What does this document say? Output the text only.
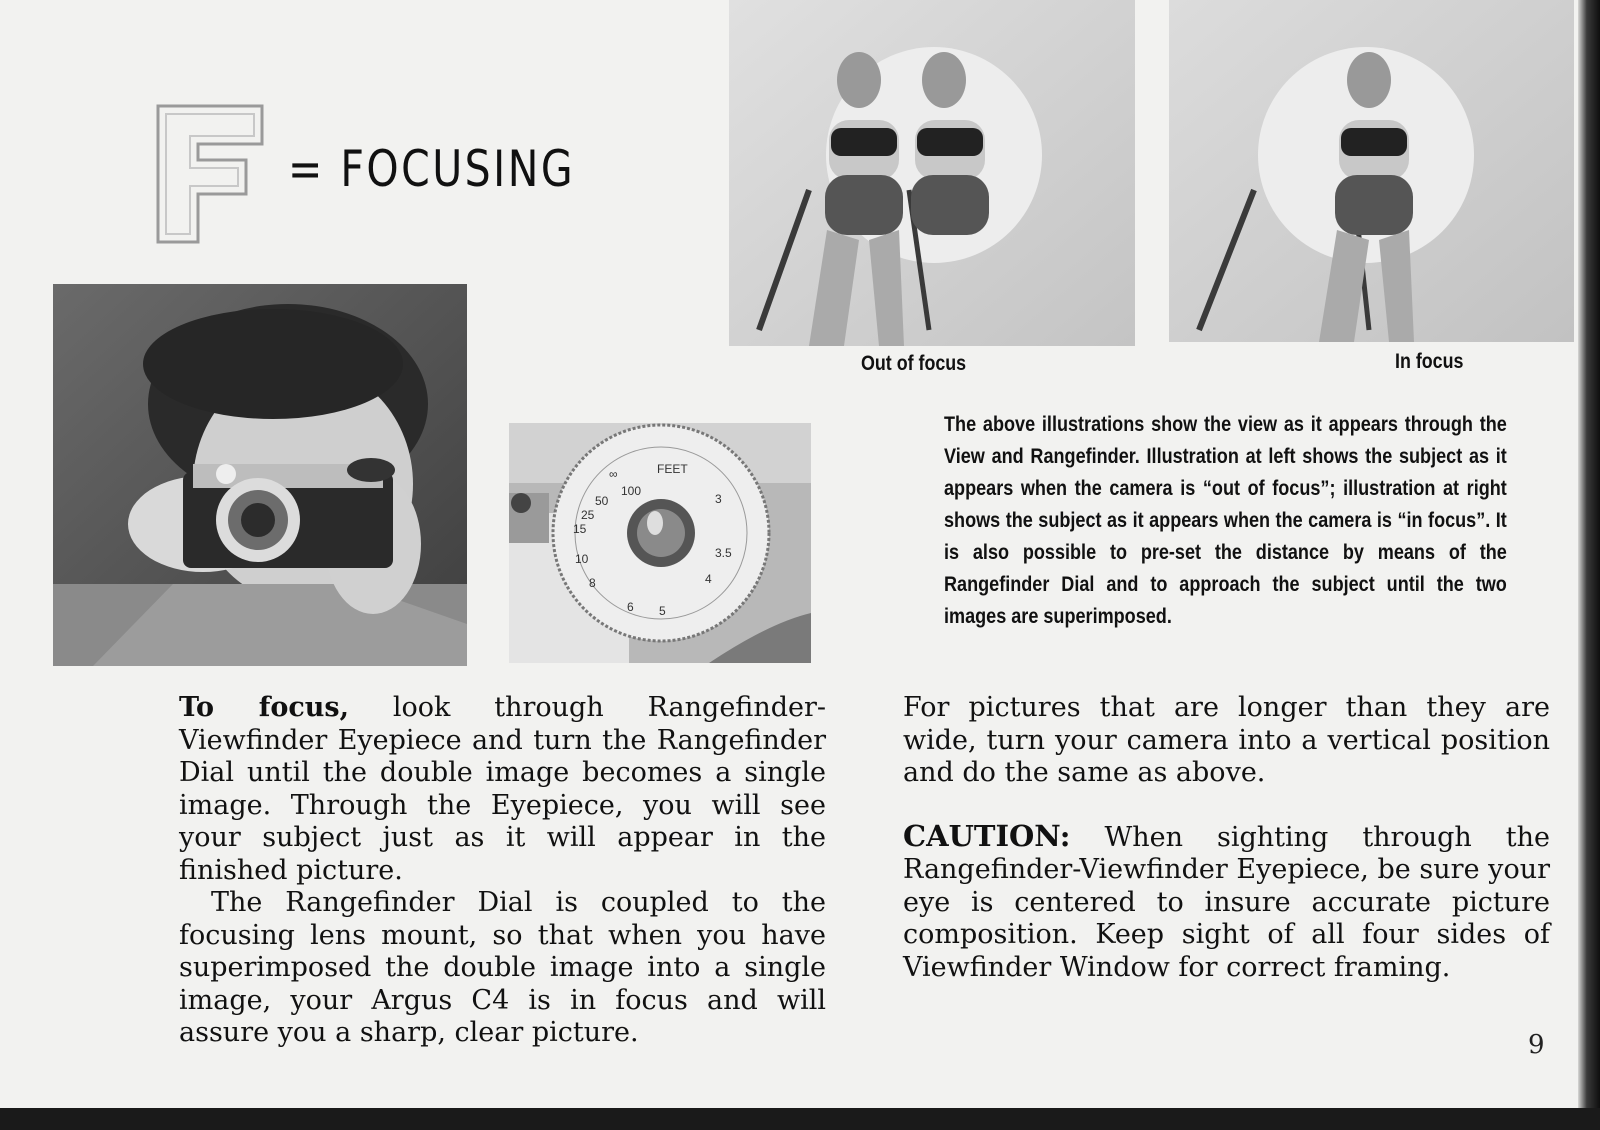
= FOCUSING
∞
100
50
25
15
10
8
6 5
4
3.5
3
FEET
Out of focus	In focus
The above illustrations show the view as it appears through the View and Rangefinder. Illustration at left shows the subject as it appears when the camera is “out of focus”; illustration at right shows the subject as it appears when the camera is “in focus”. It is also possible to pre-set the distance by means of the Rangefinder Dial and to approach the subject until the two images are superimposed.

To focus, look through Rangefinder-Viewfinder Eyepiece and turn the Rangefinder Dial until the double image becomes a single image. Through the Eyepiece, you will see your subject just as it will appear in the finished picture.

The Rangefinder Dial is coupled to the focusing lens mount, so that when you have superimposed the double image into a single image, your Argus C4 is in focus and will assure you a sharp, clear picture.

For pictures that are longer than they are wide, turn your camera into a vertical position and do the same as above.

CAUTION: When sighting through the Rangefinder-Viewfinder Eyepiece, be sure your eye is centered to insure accurate picture composition. Keep sight of all four sides of Viewfinder Window for correct framing.

9
